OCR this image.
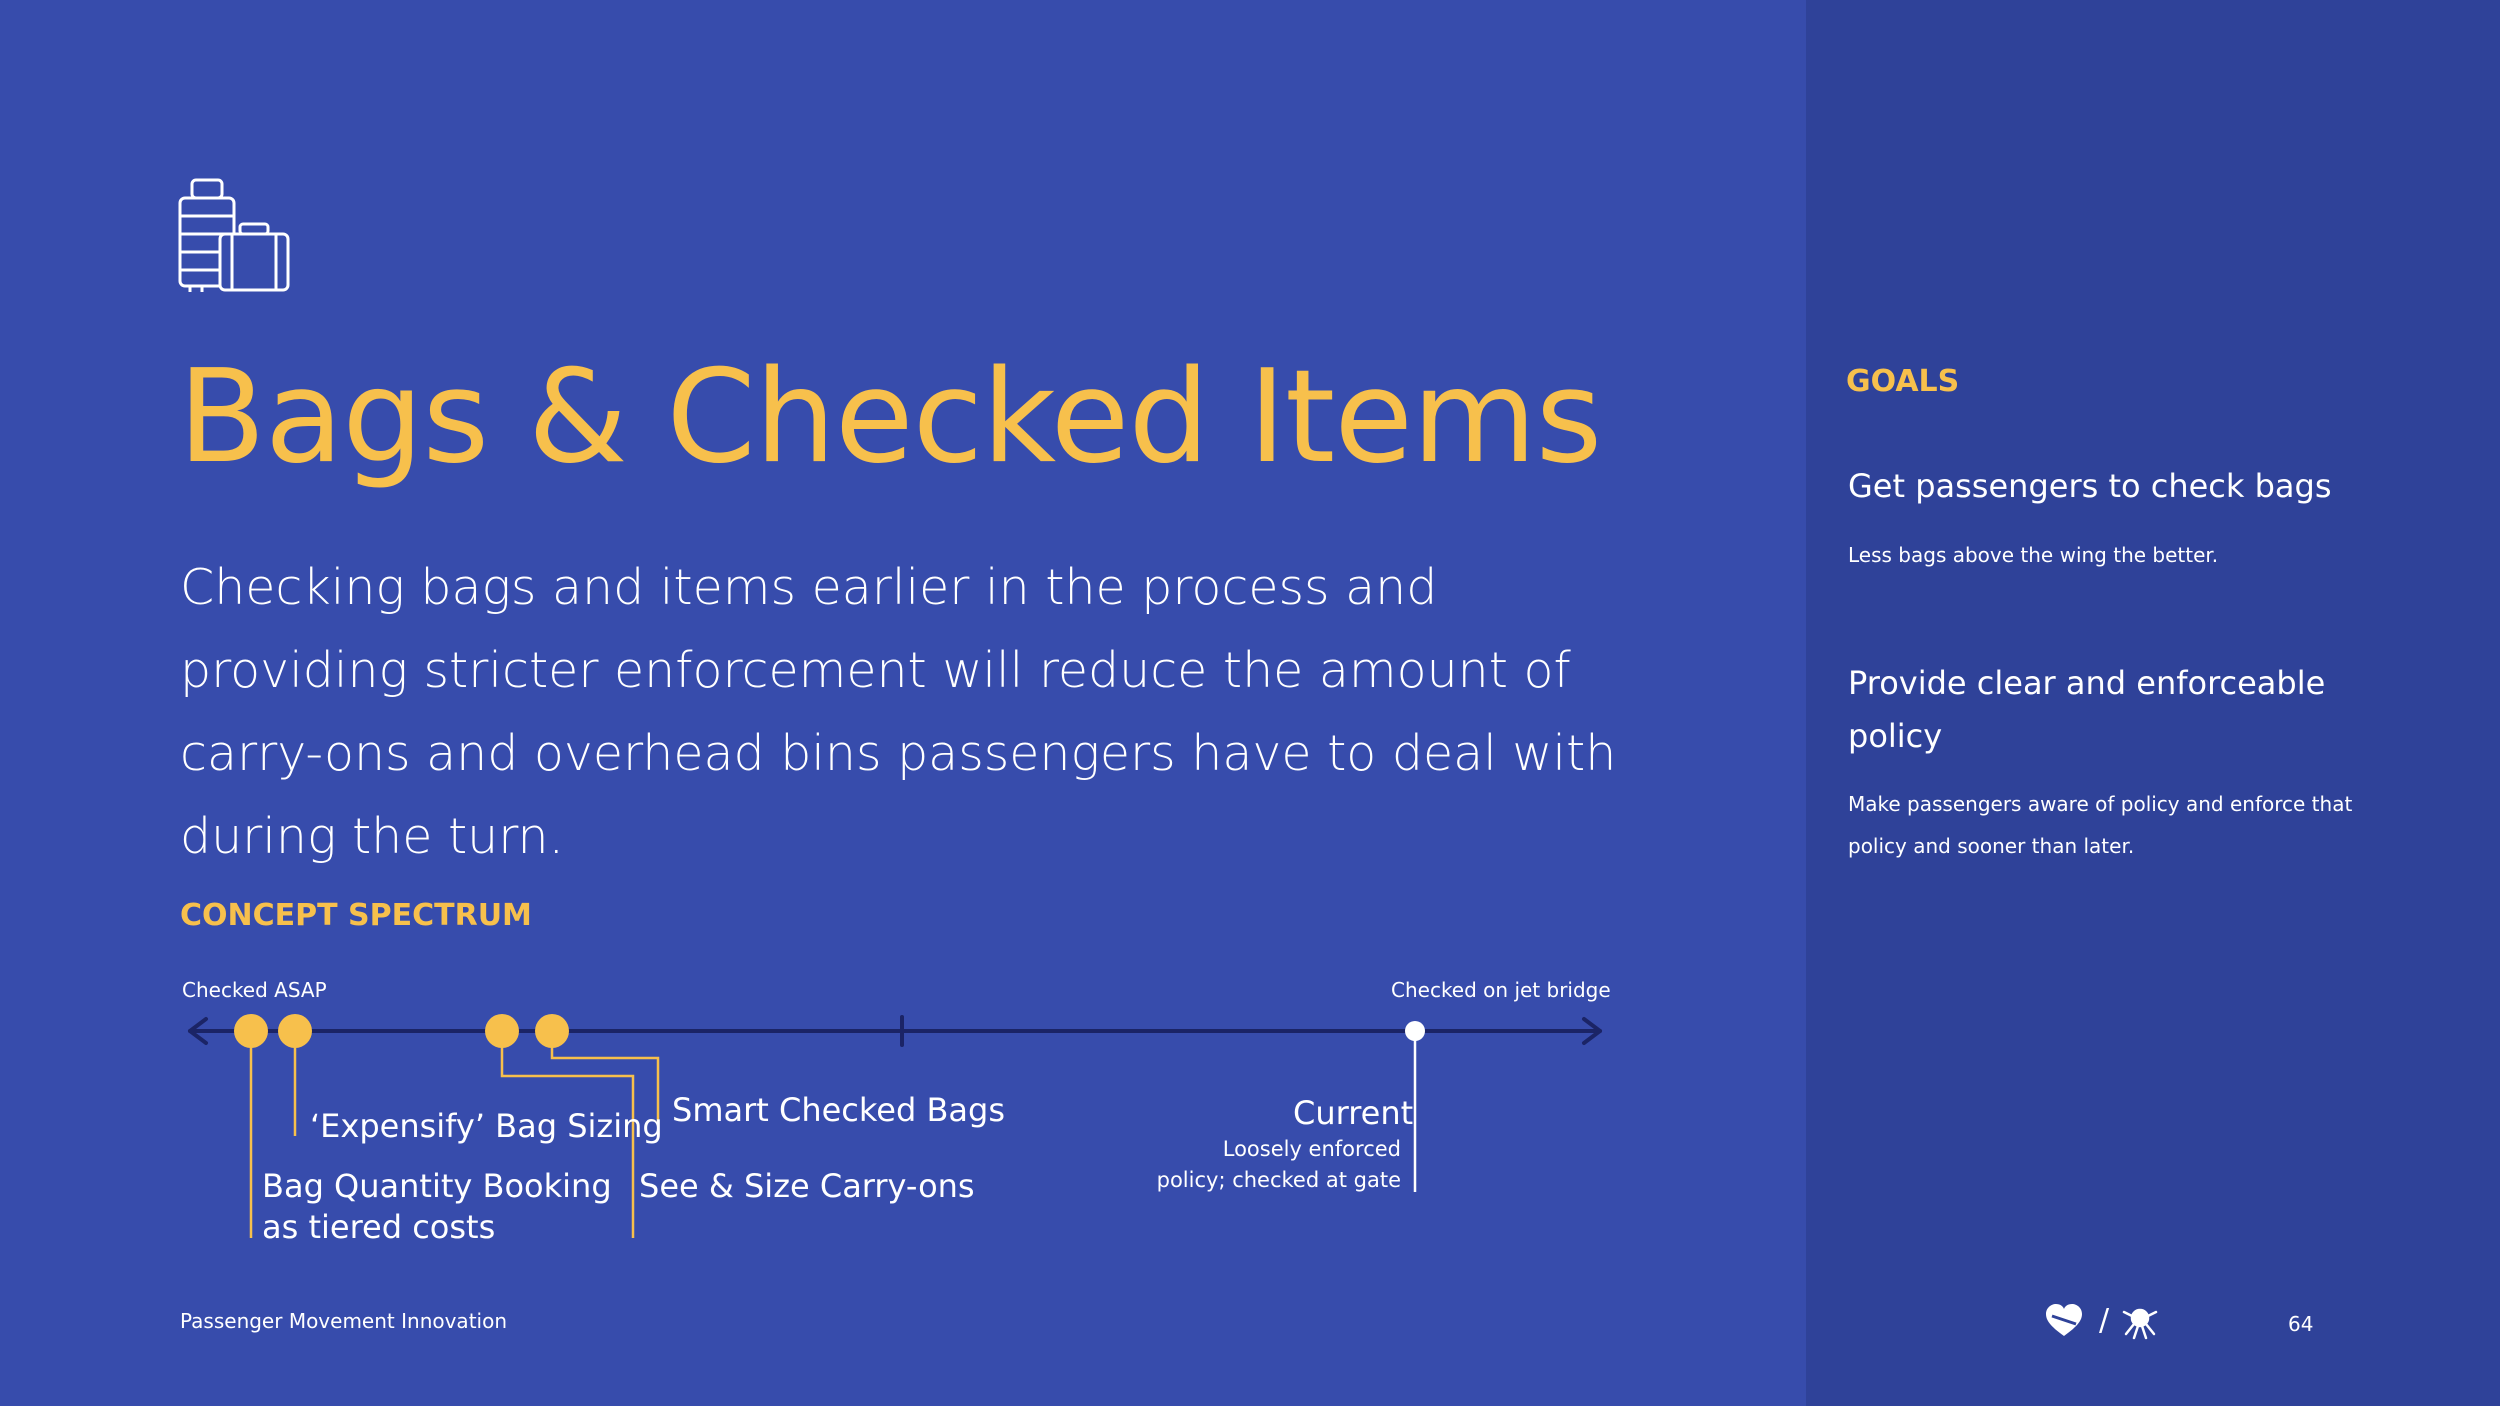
Bags & Checked Items

Checking bags and items earlier in the process and providing stricter enforcement will reduce the amount of carry-ons and overhead bins passengers have to deal with during the turn.

CONCEPT SPECTRUM
Checked ASAP	Checked on jet bridge
‘Expensify’ Bag Sizing
Bag Quantity Booking
as tiered costs
Smart Checked Bags
See & Size Carry-ons
Current
Loosely enforced
policy; checked at gate
GOALS
Get passengers to check bags

Less bags above the wing the better.

Provide clear and enforceable
policy

Make passengers aware of policy and enforce that

policy and sooner than later.

Passenger Movement Innovation	/	64
